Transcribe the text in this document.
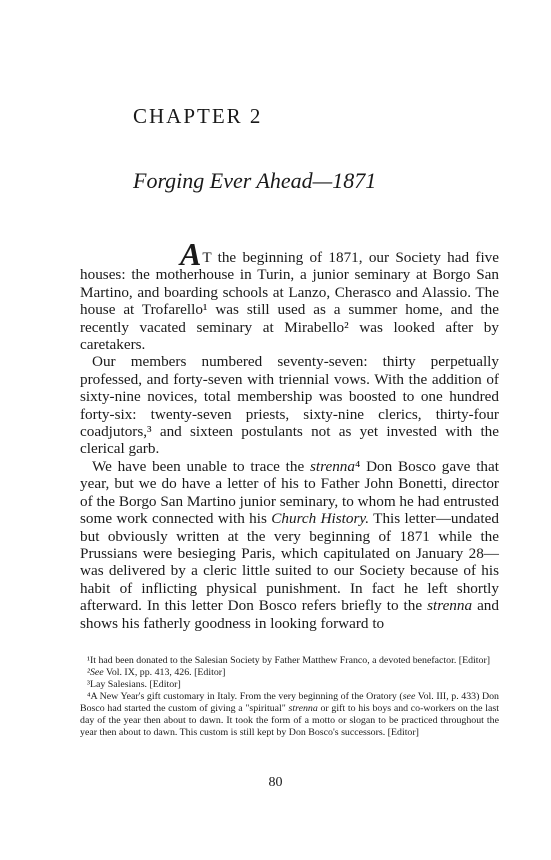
CHAPTER 2
Forging Ever Ahead—1871

AT the beginning of 1871, our Society had five houses: the motherhouse in Turin, a junior seminary at Borgo San Martino, and boarding schools at Lanzo, Cherasco and Alassio. The house at Trofarello¹ was still used as a summer home, and the recently vacated seminary at Mirabello² was looked after by caretakers.

Our members numbered seventy-seven: thirty perpetually professed, and forty-seven with triennial vows. With the addition of sixty-nine novices, total membership was boosted to one hundred forty-six: twenty-seven priests, sixty-nine clerics, thirty-four coadjutors,³ and sixteen postulants not as yet invested with the clerical garb.

We have been unable to trace the strenna⁴ Don Bosco gave that year, but we do have a letter of his to Father John Bonetti, director of the Borgo San Martino junior seminary, to whom he had entrusted some work connected with his Church History. This letter—undated but obviously written at the very beginning of 1871 while the Prussians were besieging Paris, which capitulated on January 28—was delivered by a cleric little suited to our Society because of his habit of inflicting physical punishment. In fact he left shortly afterward. In this letter Don Bosco refers briefly to the strenna and shows his fatherly goodness in looking forward to

¹It had been donated to the Salesian Society by Father Matthew Franco, a devoted benefactor. [Editor]

²See Vol. IX, pp. 413, 426. [Editor]

³Lay Salesians. [Editor]

⁴A New Year's gift customary in Italy. From the very beginning of the Oratory (see Vol. III, p. 433) Don Bosco had started the custom of giving a "spiritual" strenna or gift to his boys and co-workers on the last day of the year then about to dawn. It took the form of a motto or slogan to be practiced throughout the year then about to dawn. This custom is still kept by Don Bosco's successors. [Editor]

80
